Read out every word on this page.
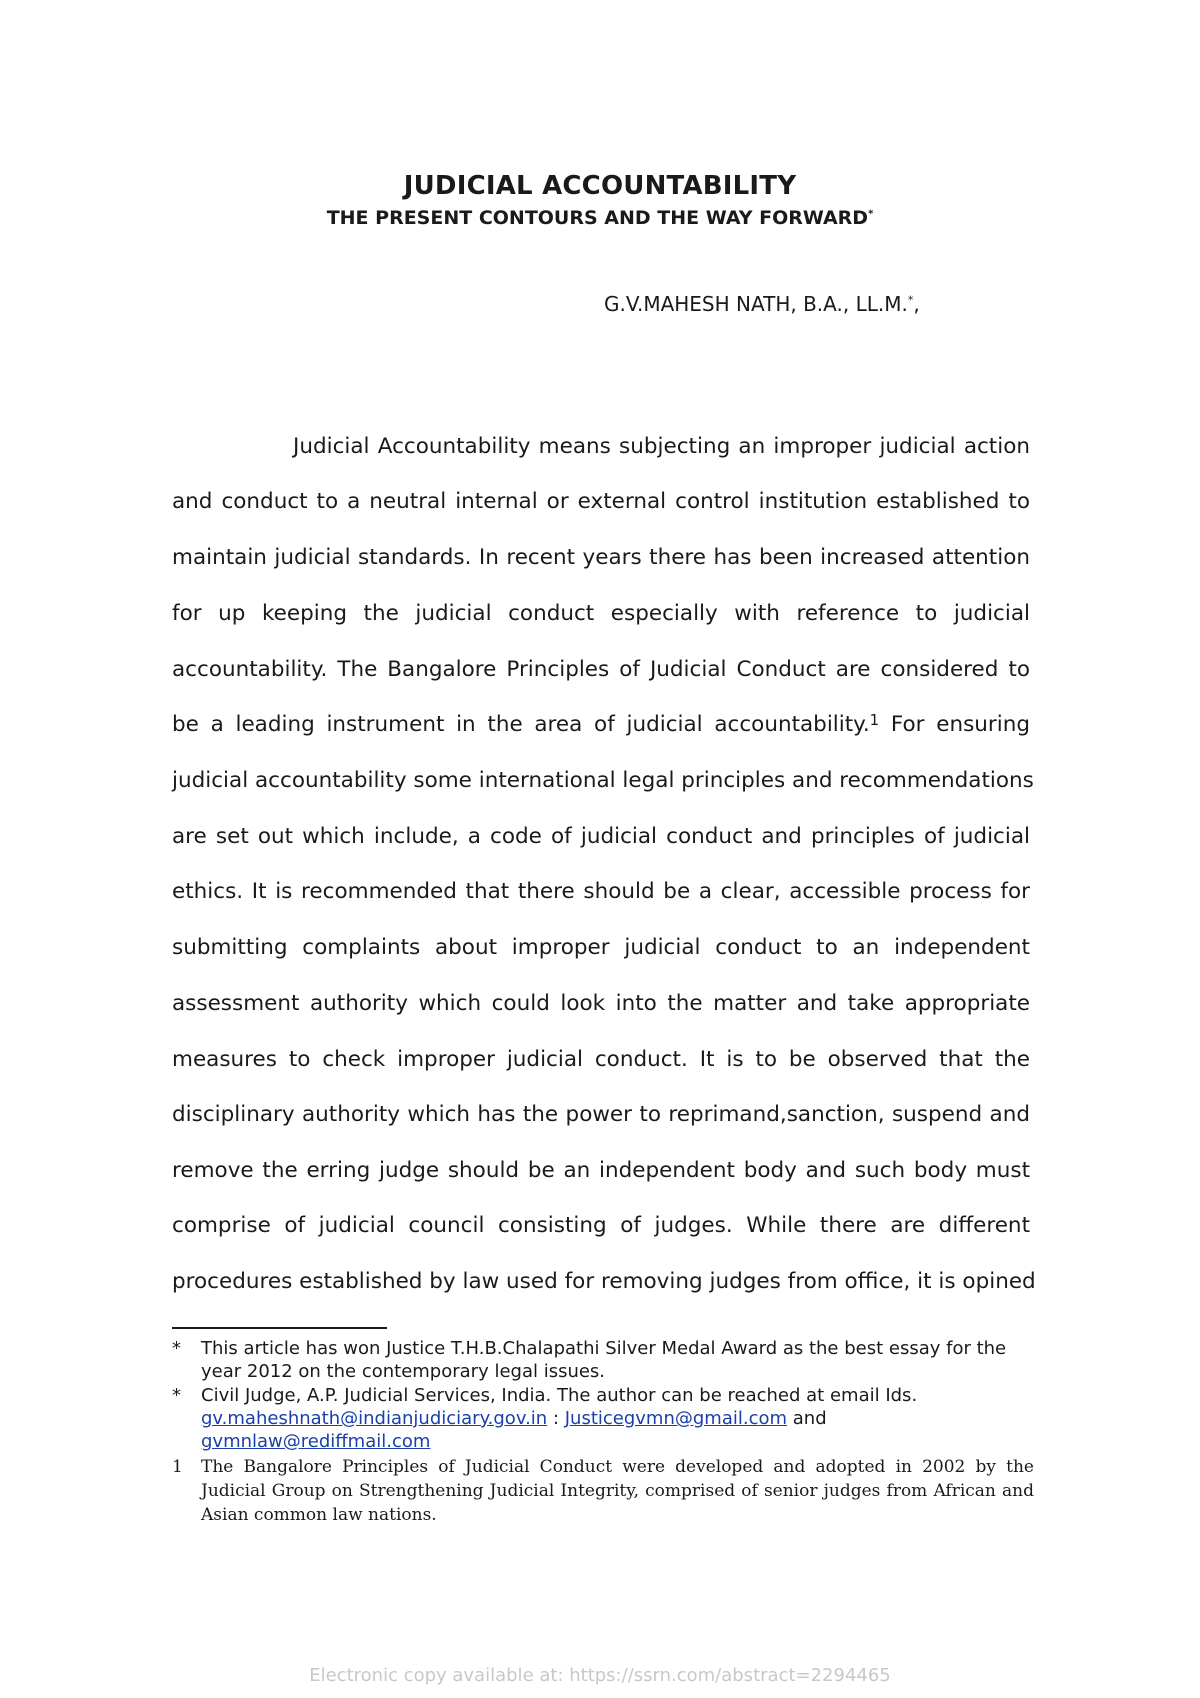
JUDICIAL ACCOUNTABILITY
THE PRESENT CONTOURS AND THE WAY FORWARD*
G.V.MAHESH NATH, B.A., LL.M.*,
Judicial Accountability means subjecting an improper judicial action
and conduct to a neutral internal or external control institution established to
maintain judicial standards. In recent years there has been increased attention
for up keeping the judicial conduct especially with reference to judicial
accountability. The Bangalore Principles of Judicial Conduct are considered to
be a leading instrument in the area of judicial accountability.$^1$ For ensuring
judicial accountability some international legal principles and recommendations
are set out which include, a code of judicial conduct and principles of judicial
ethics. It is recommended that there should be a clear, accessible process for
submitting complaints about improper judicial conduct to an independent
assessment authority which could look into the matter and take appropriate
measures to check improper judicial conduct. It is to be observed that the
disciplinary authority which has the power to reprimand,sanction, suspend and
remove the erring judge should be an independent body and such body must
comprise of judicial council consisting of judges. While there are different
procedures established by law used for removing judges from office, it is opined
*	This article has won Justice T.H.B.Chalapathi Silver Medal Award as the best essay for the year 2012 on the contemporary legal issues.
*	Civil Judge, A.P. Judicial Services, India. The author can be reached at email Ids.
gv.maheshnath@indianjudiciary.gov.in : Justicegvmn@gmail.com and
gvmnlaw@rediffmail.com
1	The Bangalore Principles of Judicial Conduct were developed and adopted in 2002 by the Judicial Group on Strengthening Judicial Integrity, comprised of senior judges from African and Asian common law nations.
Electronic copy available at: https://ssrn.com/abstract=2294465
